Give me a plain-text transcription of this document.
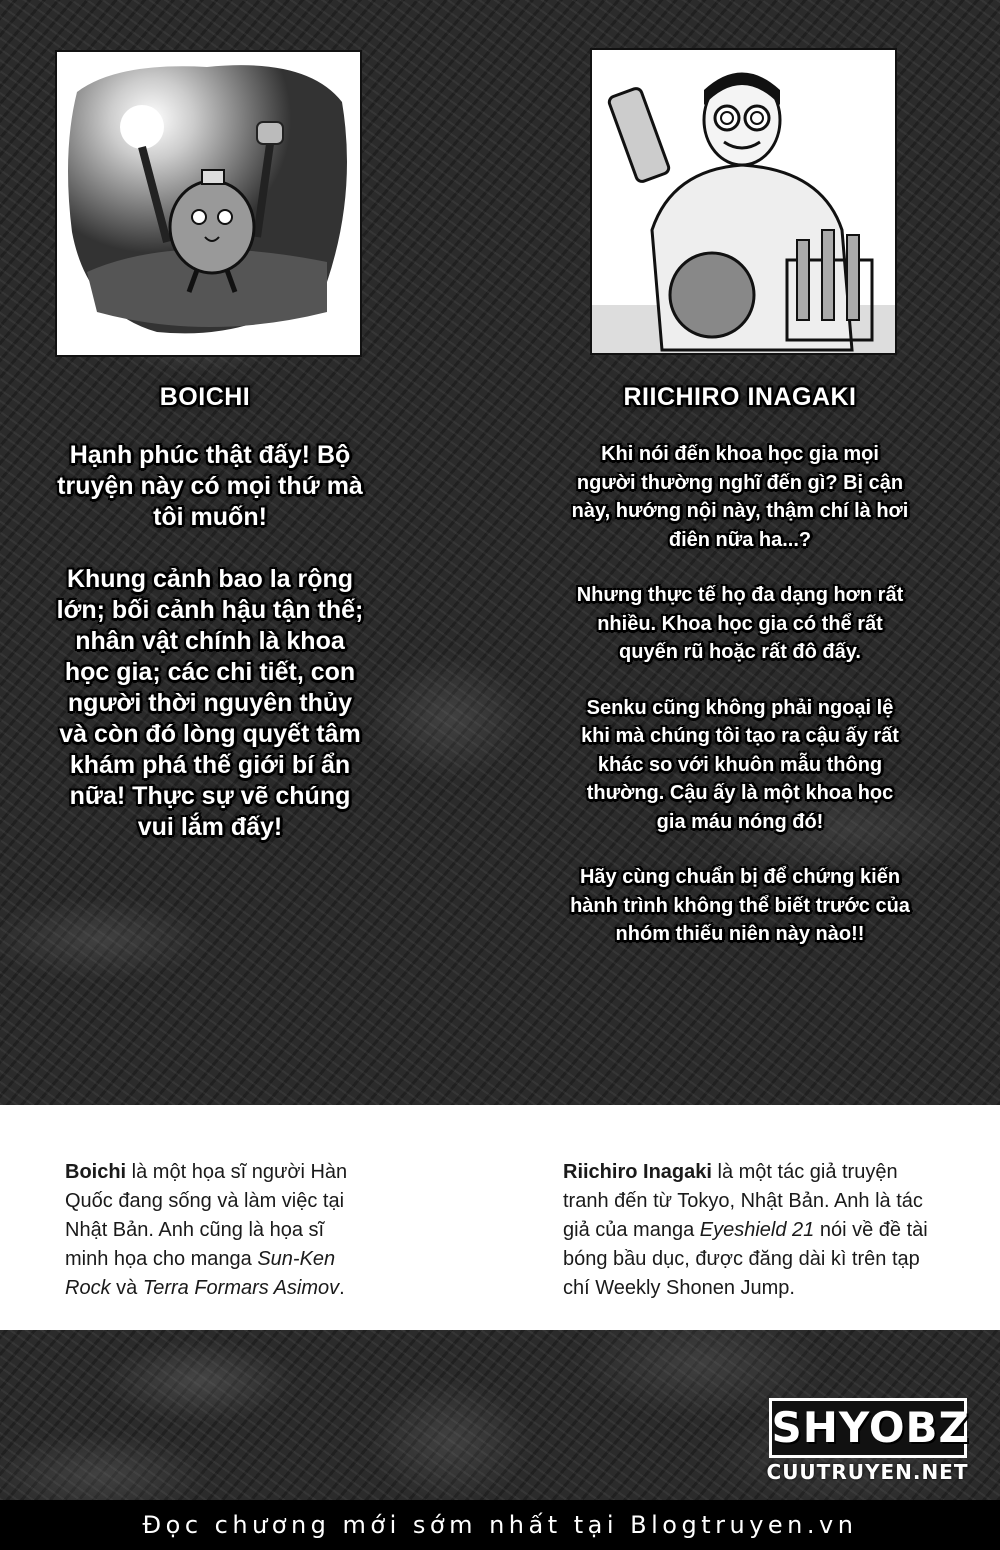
BOICHI	RIICHIRO INAGAKI

Hạnh phúc thật đấy! Bộ truyện này có mọi thứ mà tôi muốn!

Khung cảnh bao la rộng lớn; bối cảnh hậu tận thế; nhân vật chính là khoa học gia; các chi tiết, con người thời nguyên thủy và còn đó lòng quyết tâm khám phá thế giới bí ẩn nữa! Thực sự vẽ chúng vui lắm đấy!

Khi nói đến khoa học gia mọi người thường nghĩ đến gì? Bị cận này, hướng nội này, thậm chí là hơi điên nữa ha...?

Nhưng thực tế họ đa dạng hơn rất nhiều. Khoa học gia có thể rất quyến rũ hoặc rất đô đấy.

Senku cũng không phải ngoại lệ khi mà chúng tôi tạo ra cậu ấy rất khác so với khuôn mẫu thông thường. Cậu ấy là một khoa học gia máu nóng đó!

Hãy cùng chuẩn bị để chứng kiến hành trình không thể biết trước của nhóm thiếu niên này nào!!

Boichi là một họa sĩ người Hàn Quốc đang sống và làm việc tại Nhật Bản. Anh cũng là họa sĩ minh họa cho manga Sun-Ken Rock và Terra Formars Asimov.
Riichiro Inagaki là một tác giả truyện tranh đến từ Tokyo, Nhật Bản. Anh là tác giả của manga Eyeshield 21 nói về đề tài bóng bầu dục, được đăng dài kì trên tạp chí Weekly Shonen Jump.
SHYOBZ
CUUTRUYEN.NET
Đọc chương mới sớm nhất tại Blogtruyen.vn
